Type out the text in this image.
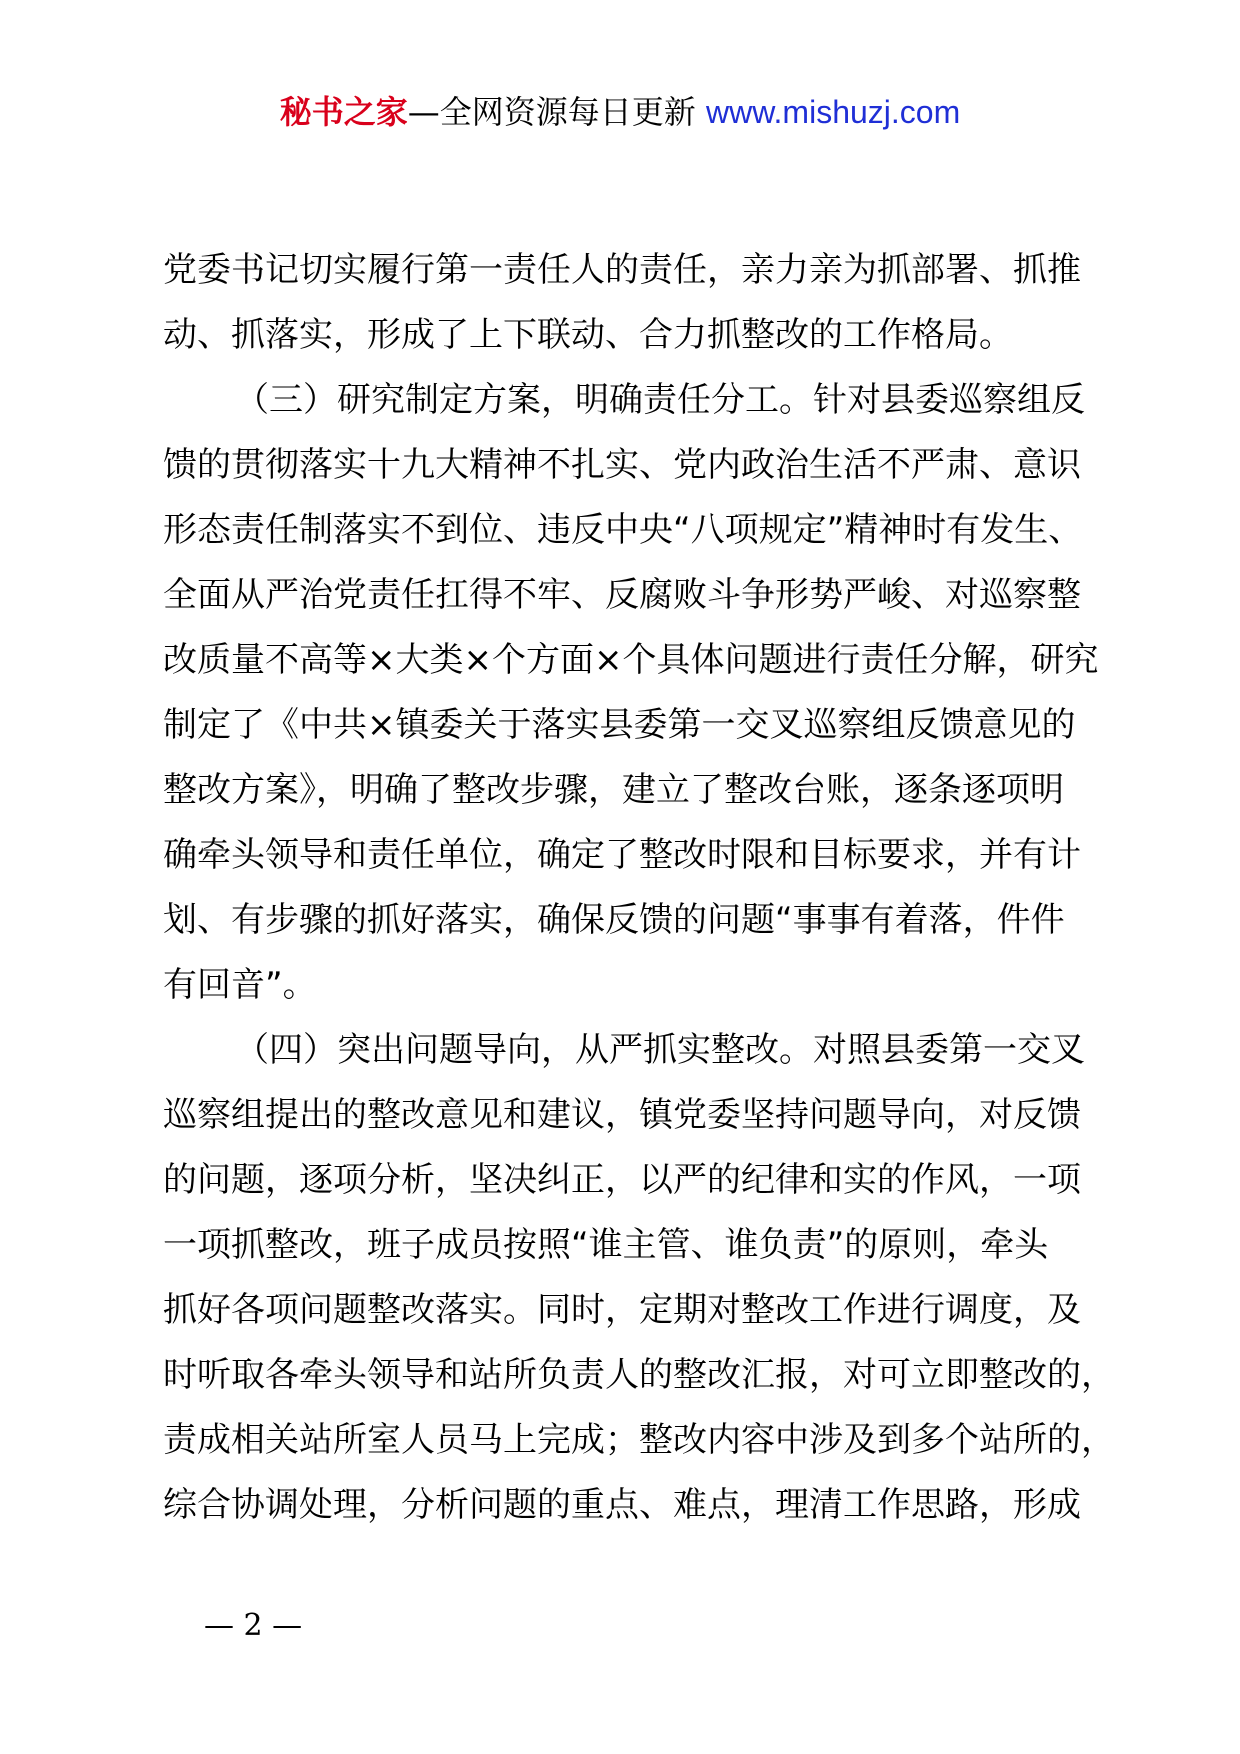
秘书之家—全网资源每日更新 www.mishuzj.com
党委书记切实履行第一责任人的责任，亲力亲为抓部署、抓推
动、抓落实，形成了上下联动、合力抓整改的工作格局。
（三）研究制定方案，明确责任分工。针对县委巡察组反
馈的贯彻落实十九大精神不扎实、党内政治生活不严肃、意识
形态责任制落实不到位、违反中央“八项规定”精神时有发生、
全面从严治党责任扛得不牢、反腐败斗争形势严峻、对巡察整
改质量不高等×大类×个方面×个具体问题进行责任分解，研究
制定了《中共×镇委关于落实县委第一交叉巡察组反馈意见的
整改方案》，明确了整改步骤，建立了整改台账，逐条逐项明
确牵头领导和责任单位，确定了整改时限和目标要求，并有计
划、有步骤的抓好落实，确保反馈的问题“事事有着落，件件
有回音”。
（四）突出问题导向，从严抓实整改。对照县委第一交叉
巡察组提出的整改意见和建议，镇党委坚持问题导向，对反馈
的问题，逐项分析，坚决纠正，以严的纪律和实的作风，一项
一项抓整改，班子成员按照“谁主管、谁负责”的原则，牵头
抓好各项问题整改落实。同时，定期对整改工作进行调度，及
时听取各牵头领导和站所负责人的整改汇报，对可立即整改的，
责成相关站所室人员马上完成；整改内容中涉及到多个站所的，
综合协调处理，分析问题的重点、难点，理清工作思路，形成
— 2 —
